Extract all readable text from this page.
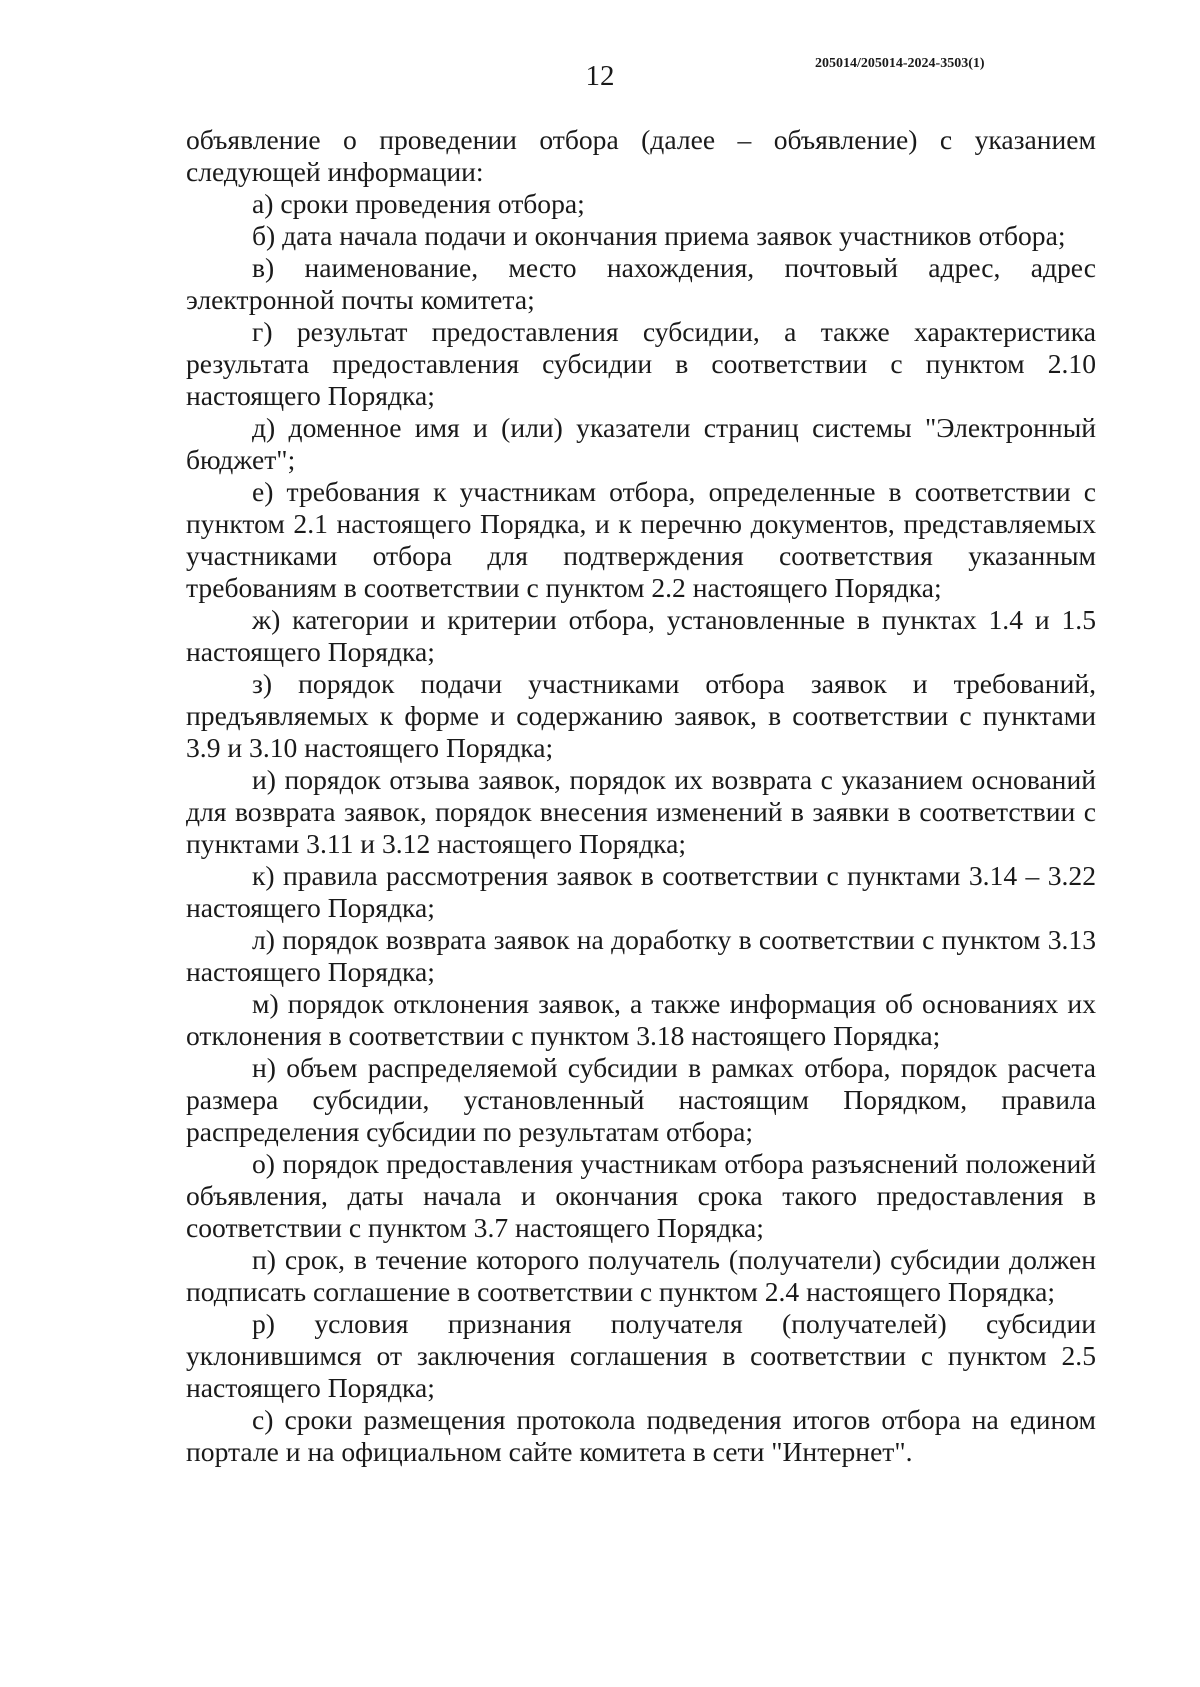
12	205014/205014-2024-3503(1)

объявление о проведении отбора (далее – объявление) с указанием следующей информации:

а) сроки проведения отбора;

б) дата начала подачи и окончания приема заявок участников отбора;

в) наименование, место нахождения, почтовый адрес, адрес электронной почты комитета;

г) результат предоставления субсидии, а также характеристика результата предоставления субсидии в соответствии с пунктом 2.10 настоящего Порядка;

д) доменное имя и (или) указатели страниц системы "Электронный бюджет";

е) требования к участникам отбора, определенные в соответствии с пунктом 2.1 настоящего Порядка, и к перечню документов, представляемых участниками отбора для подтверждения соответствия указанным требованиям в соответствии с пунктом 2.2 настоящего Порядка;

ж) категории и критерии отбора, установленные в пунктах 1.4 и 1.5 настоящего Порядка;

з) порядок подачи участниками отбора заявок и требований, предъявляемых к форме и содержанию заявок, в соответствии с пунктами 3.9 и 3.10 настоящего Порядка;

и) порядок отзыва заявок, порядок их возврата с указанием оснований для возврата заявок, порядок внесения изменений в заявки в соответствии с пунктами 3.11 и 3.12 настоящего Порядка;

к) правила рассмотрения заявок в соответствии с пунктами 3.14 – 3.22 настоящего Порядка;

л) порядок возврата заявок на доработку в соответствии с пунктом 3.13 настоящего Порядка;

м) порядок отклонения заявок, а также информация об основаниях их отклонения в соответствии с пунктом 3.18 настоящего Порядка;

н) объем распределяемой субсидии в рамках отбора, порядок расчета размера субсидии, установленный настоящим Порядком, правила распределения субсидии по результатам отбора;

о) порядок предоставления участникам отбора разъяснений положений объявления, даты начала и окончания срока такого предоставления в соответствии с пунктом 3.7 настоящего Порядка;

п) срок, в течение которого получатель (получатели) субсидии должен подписать соглашение в соответствии с пунктом 2.4 настоящего Порядка;

р) условия признания получателя (получателей) субсидии уклонившимся от заключения соглашения в соответствии с пунктом 2.5 настоящего Порядка;

с) сроки размещения протокола подведения итогов отбора на едином портале и на официальном сайте комитета в сети "Интернет".
